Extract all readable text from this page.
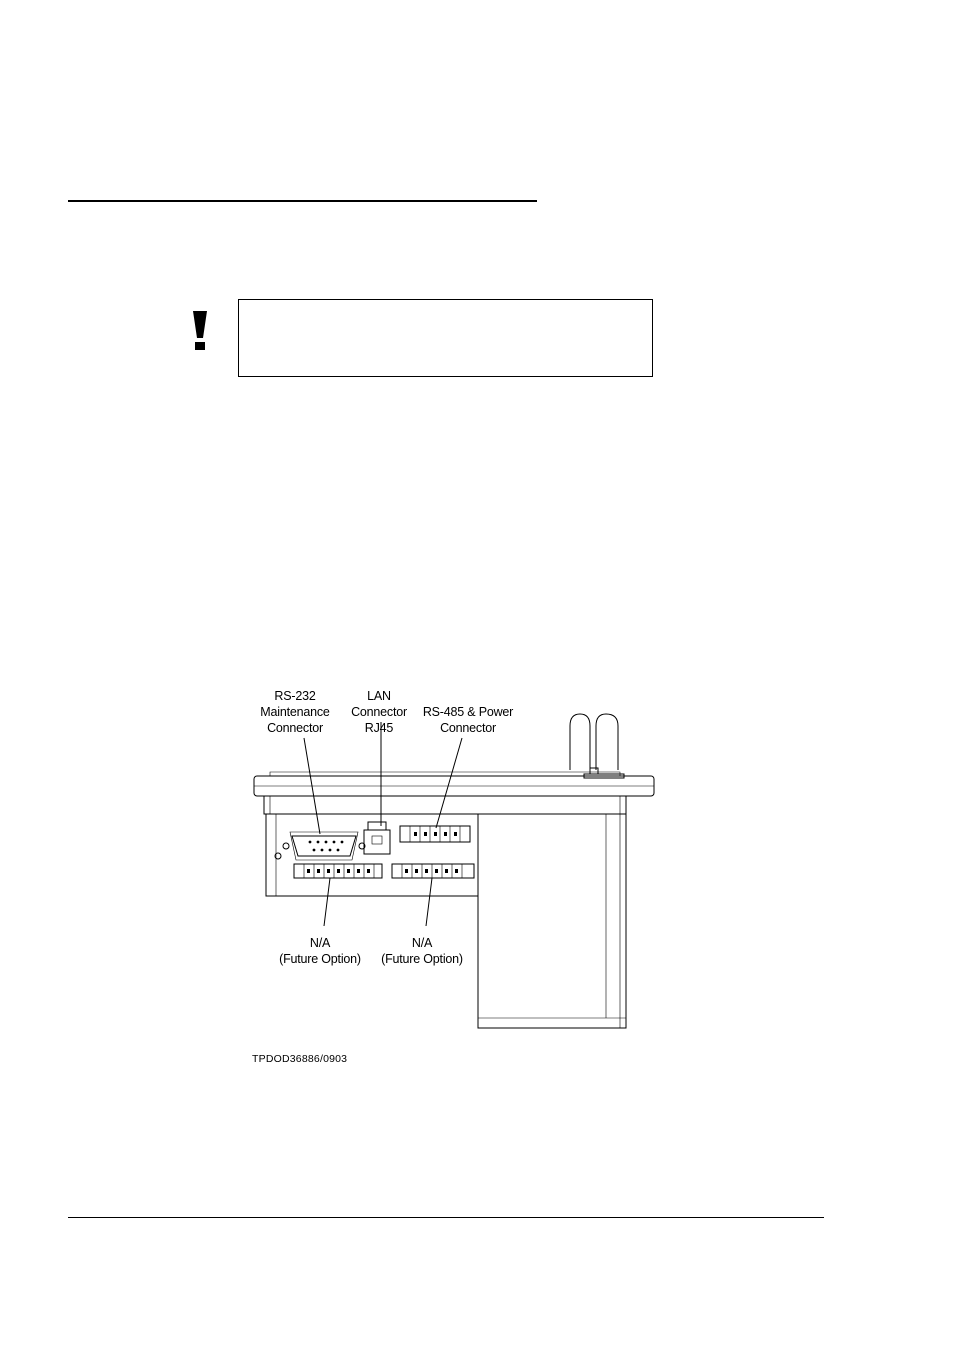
RS-232
Maintenance
Connector
LAN
Connector
RJ45
RS-485 & Power
Connector
N/A
(Future Option)
N/A
(Future Option)
TPDOD36886/0903
